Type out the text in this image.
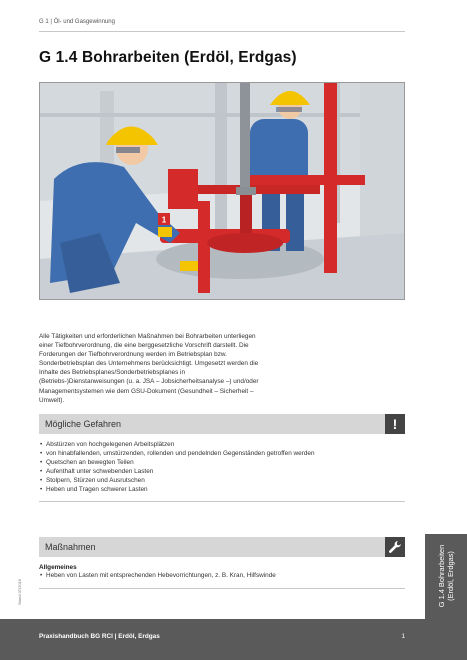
G 1 | Öl- und Gasgewinnung
G 1.4 Bohrarbeiten (Erdöl, Erdgas)
1

Alle Tätigkeiten und erforderlichen Maßnahmen bei Bohrarbeiten unterliegen einer Tiefbohrverordnung, die eine berggesetzliche Vorschrift darstellt. Die Forderungen der Tiefbohrverordnung werden im Betriebsplan bzw. Sonderbetriebsplan des Unternehmens berücksichtigt. Umgesetzt werden die Inhalte des Betriebsplanes/Sonderbetriebsplanes in (Betriebs-)Dienstanweisungen (u. a. JSA – Jobsicherheitsanalyse –) und/oder Managementsystemen wie dem GSU-Dokument (Gesundheit – Sicherheit – Umwelt).

Mögliche Gefahren	!
• Abstürzen von hochgelegenen Arbeitsplätzen
• von hinabfallenden, umstürzenden, rollenden und pendelnden Gegenständen getroffen werden
• Quetschen an bewegten Teilen
• Aufenthalt unter schwebenden Lasten
• Stolpern, Stürzen und Ausrutschen
• Heben und Tragen schwerer Lasten
Maßnahmen
Allgemeines
• Heben von Lasten mit entsprechenden Hebevorrichtungen, z. B. Kran, Hilfswinde	G 1.4 Bohrarbeiten (Erdöl, Erdgas)
Stand 07/2016
Praxishandbuch BG RCI | Erdöl, Erdgas	1
